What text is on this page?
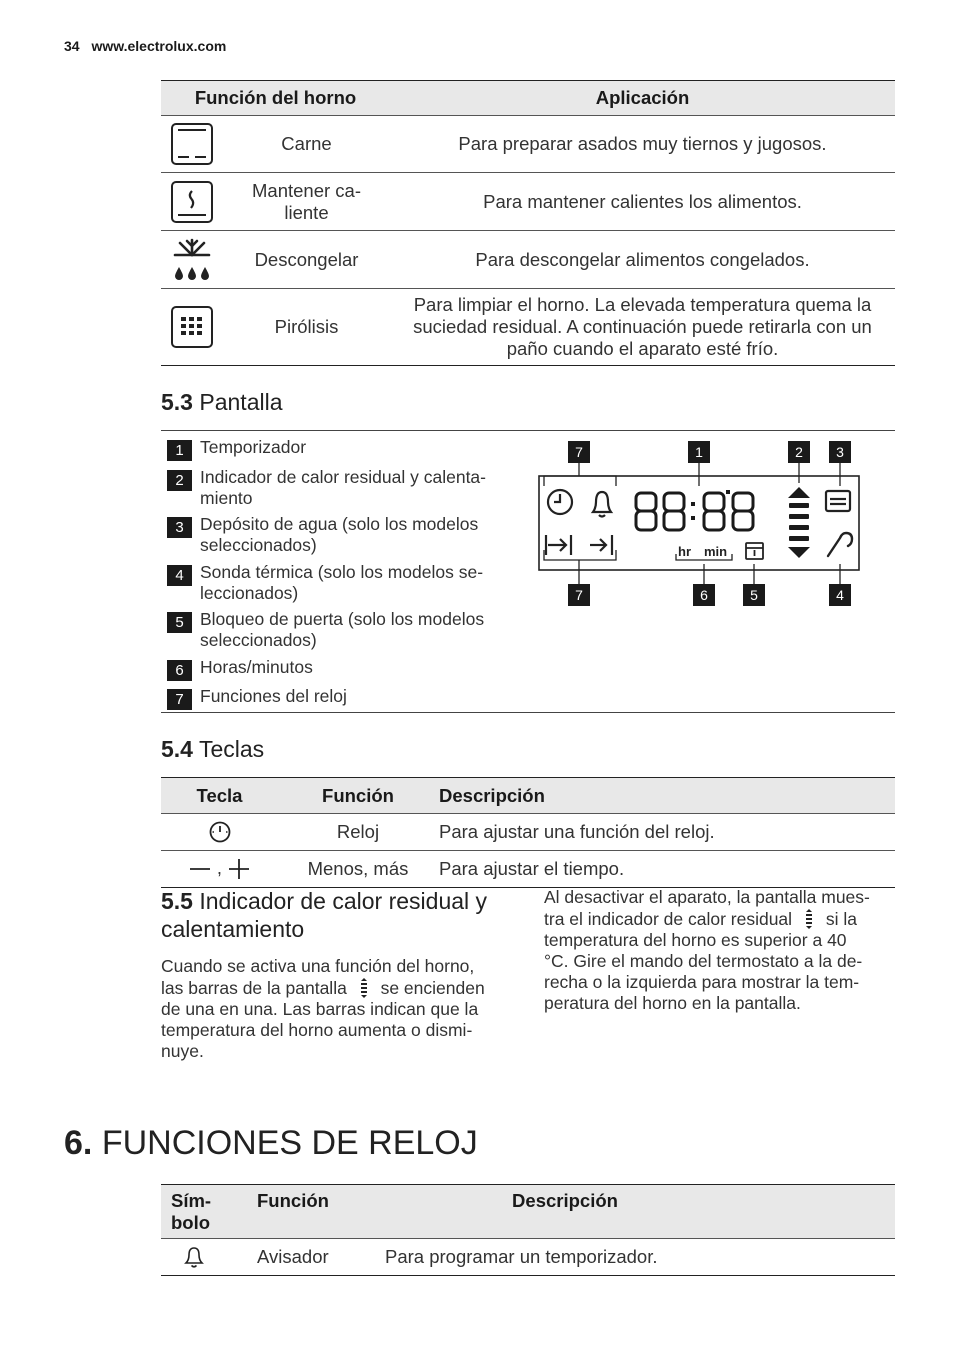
34 www.electrolux.com
Función del horno		Aplicación

	Carne	Para preparar asados muy tiernos y jugosos.

	Mantener ca-
liente	Para mantener calientes los alimentos.
	Descongelar	Para descongelar alimentos congelados.

	Pirólisis	Para limpiar el horno. La elevada temperatura quema la suciedad residual. A continuación puede retirarla con un paño cuando el aparato esté frío.
5.3 Pantalla
1 Temporizador
2 Indicador de calor residual y calenta-
miento
3 Depósito de agua (solo los modelos
seleccionados)
4 Sonda térmica (solo los modelos se-
leccionados)
5 Bloqueo de puerta (solo los modelos
seleccionados)
6 Horas/minutos
7 Funciones del reloj
7	1	2 3
7	6	5	4
hr min
5.4 Teclas
Tecla	Función	Descripción
	Reloj	Para ajustar una función del reloj.
,	Menos, más	Para ajustar el tiempo.
5.5 Indicador de calor residual y
calentamiento
Cuando se activa una función del horno,
las barras de la pantalla se encienden
de una en una. Las barras indican que la
temperatura del horno aumenta o dismi-
nuye.
Al desactivar el aparato, la pantalla mues-
tra el indicador de calor residual si la
temperatura del horno es superior a 40
°C. Gire el mando del termostato a la de-
recha o la izquierda para mostrar la tem-
peratura del horno en la pantalla.
6. FUNCIONES DE RELOJ
Sím-
bolo	Función	Descripción
	Avisador	Para programar un temporizador.
